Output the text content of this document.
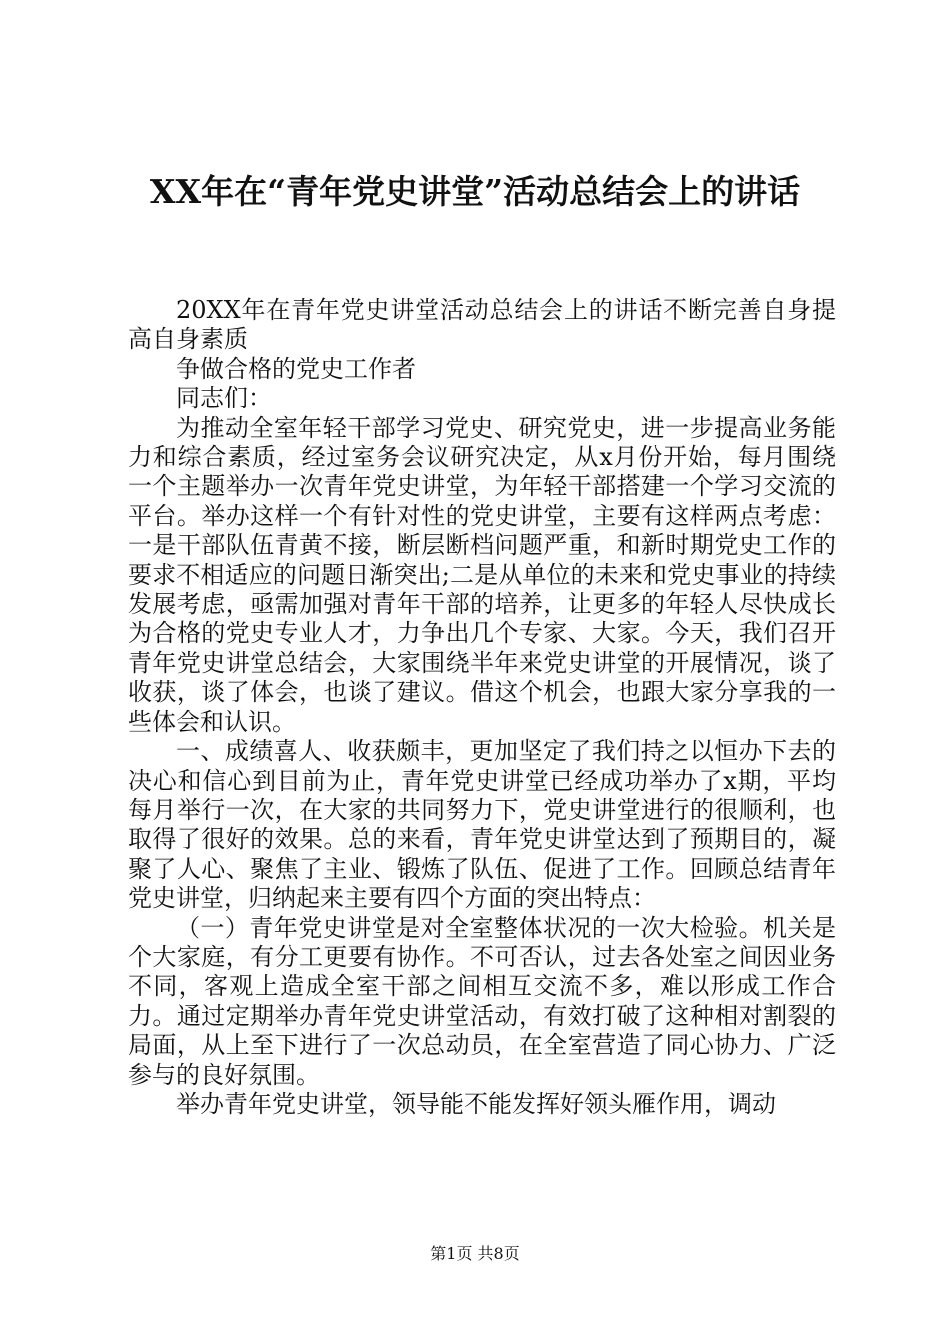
XX年在“青年党史讲堂”活动总结会上的讲话

20XX年在青年党史讲堂活动总结会上的讲话不断完善自身提高自身素质

争做合格的党史工作者

同志们：

为推动全室年轻干部学习党史、研究党史，进一步提高业务能力和综合素质，经过室务会议研究决定，从x月份开始，每月围绕一个主题举办一次青年党史讲堂，为年轻干部搭建一个学习交流的平台。举办这样一个有针对性的党史讲堂，主要有这样两点考虑：一是干部队伍青黄不接，断层断档问题严重，和新时期党史工作的要求不相适应的问题日渐突出;二是从单位的未来和党史事业的持续发展考虑，亟需加强对青年干部的培养，让更多的年轻人尽快成长为合格的党史专业人才，力争出几个专家、大家。今天，我们召开青年党史讲堂总结会，大家围绕半年来党史讲堂的开展情况，谈了收获，谈了体会，也谈了建议。借这个机会，也跟大家分享我的一些体会和认识。

一、成绩喜人、收获颇丰，更加坚定了我们持之以恒办下去的决心和信心到目前为止，青年党史讲堂已经成功举办了x期，平均每月举行一次，在大家的共同努力下，党史讲堂进行的很顺利，也取得了很好的效果。总的来看，青年党史讲堂达到了预期目的，凝聚了人心、聚焦了主业、锻炼了队伍、促进了工作。回顾总结青年党史讲堂，归纳起来主要有四个方面的突出特点：

（一）青年党史讲堂是对全室整体状况的一次大检验。机关是个大家庭，有分工更要有协作。不可否认，过去各处室之间因业务不同，客观上造成全室干部之间相互交流不多，难以形成工作合力。通过定期举办青年党史讲堂活动，有效打破了这种相对割裂的局面，从上至下进行了一次总动员，在全室营造了同心协力、广泛参与的良好氛围。

举办青年党史讲堂，领导能不能发挥好领头雁作用，调动

第1页 共8页
